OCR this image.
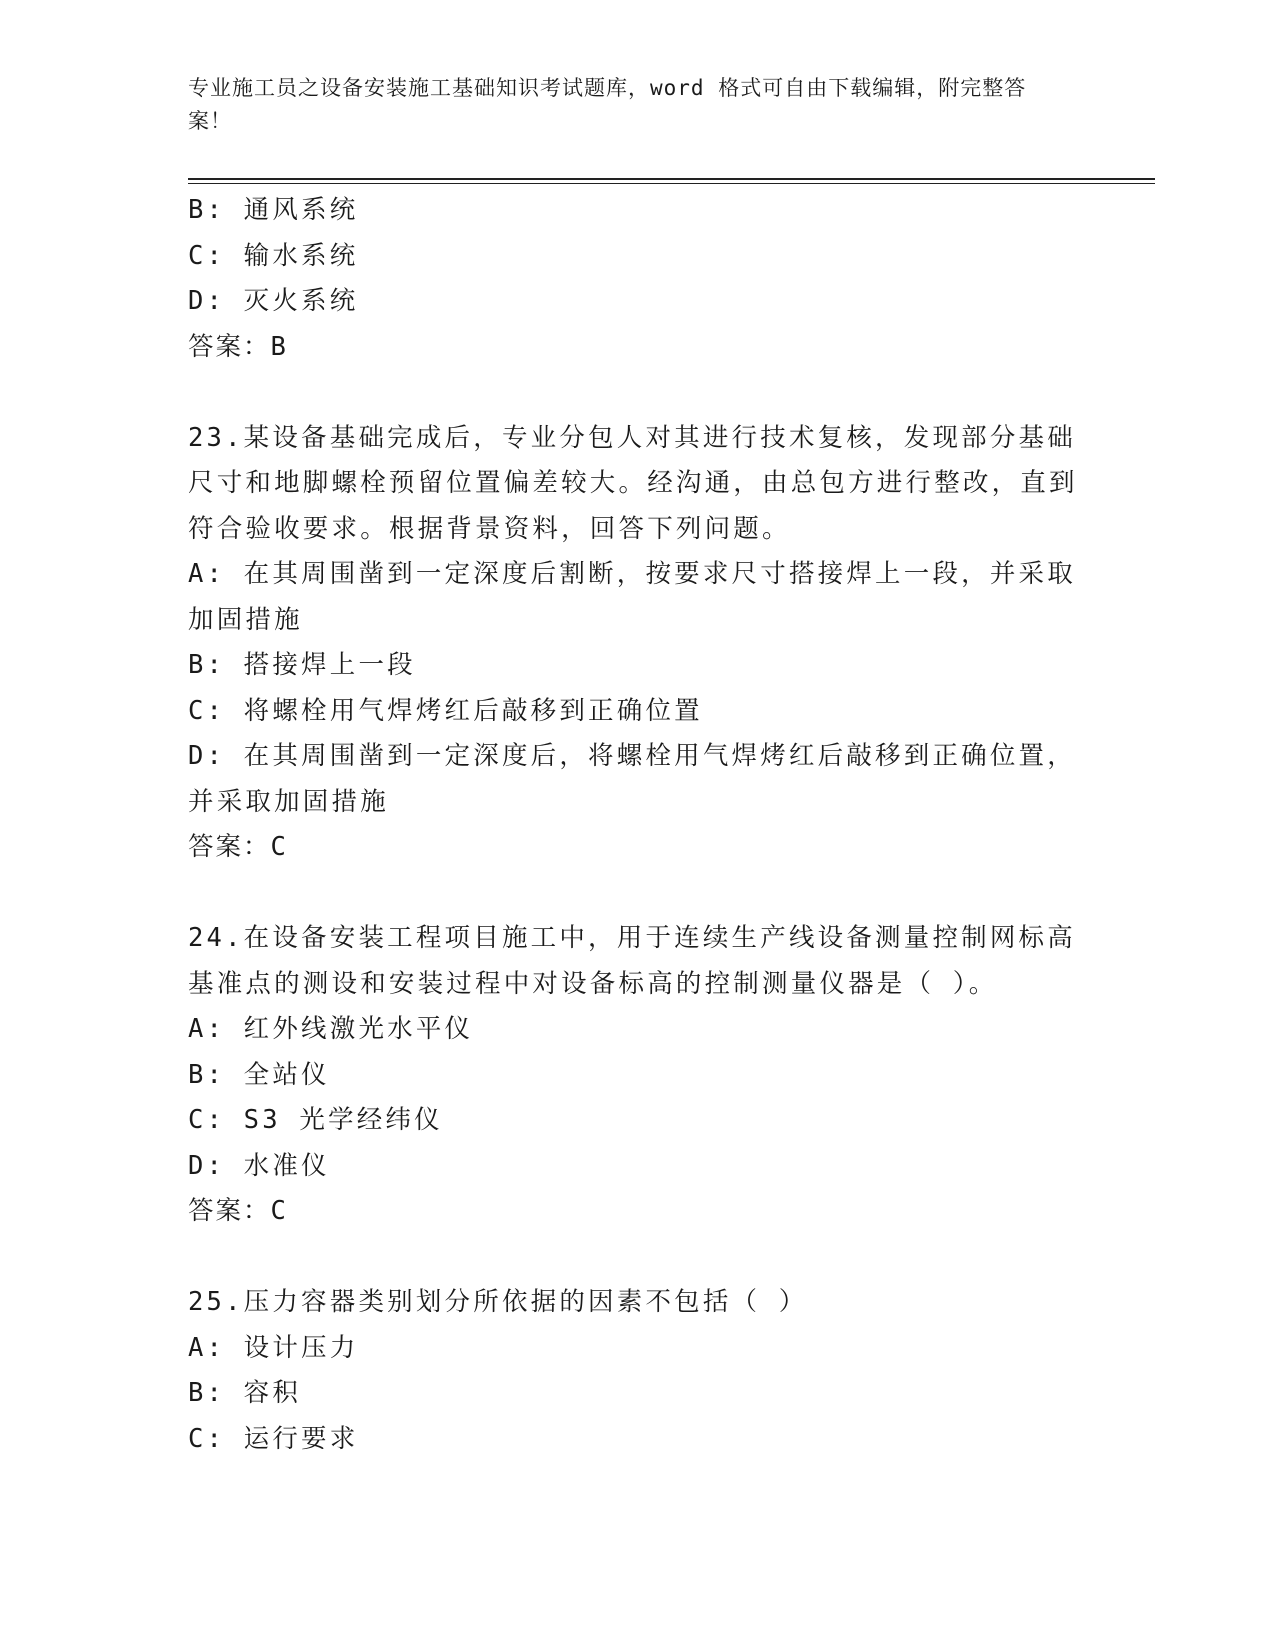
专业施工员之设备安装施工基础知识考试题库，word 格式可自由下载编辑，附完整答案！

B: 通风系统

C: 输水系统

D: 灭火系统

答案：B

23.某设备基础完成后，专业分包人对其进行技术复核，发现部分基础尺寸和地脚螺栓预留位置偏差较大。经沟通，由总包方进行整改，直到符合验收要求。根据背景资料，回答下列问题。

A: 在其周围凿到一定深度后割断，按要求尺寸搭接焊上一段，并采取加固措施

B: 搭接焊上一段

C: 将螺栓用气焊烤红后敲移到正确位置

D: 在其周围凿到一定深度后，将螺栓用气焊烤红后敲移到正确位置，并采取加固措施

答案：C

24.在设备安装工程项目施工中，用于连续生产线设备测量控制网标高基准点的测设和安装过程中对设备标高的控制测量仪器是（ ）。

A: 红外线激光水平仪

B: 全站仪

C: S3 光学经纬仪

D: 水准仪

答案：C

25.压力容器类别划分所依据的因素不包括（ ）

A: 设计压力

B: 容积

C: 运行要求
